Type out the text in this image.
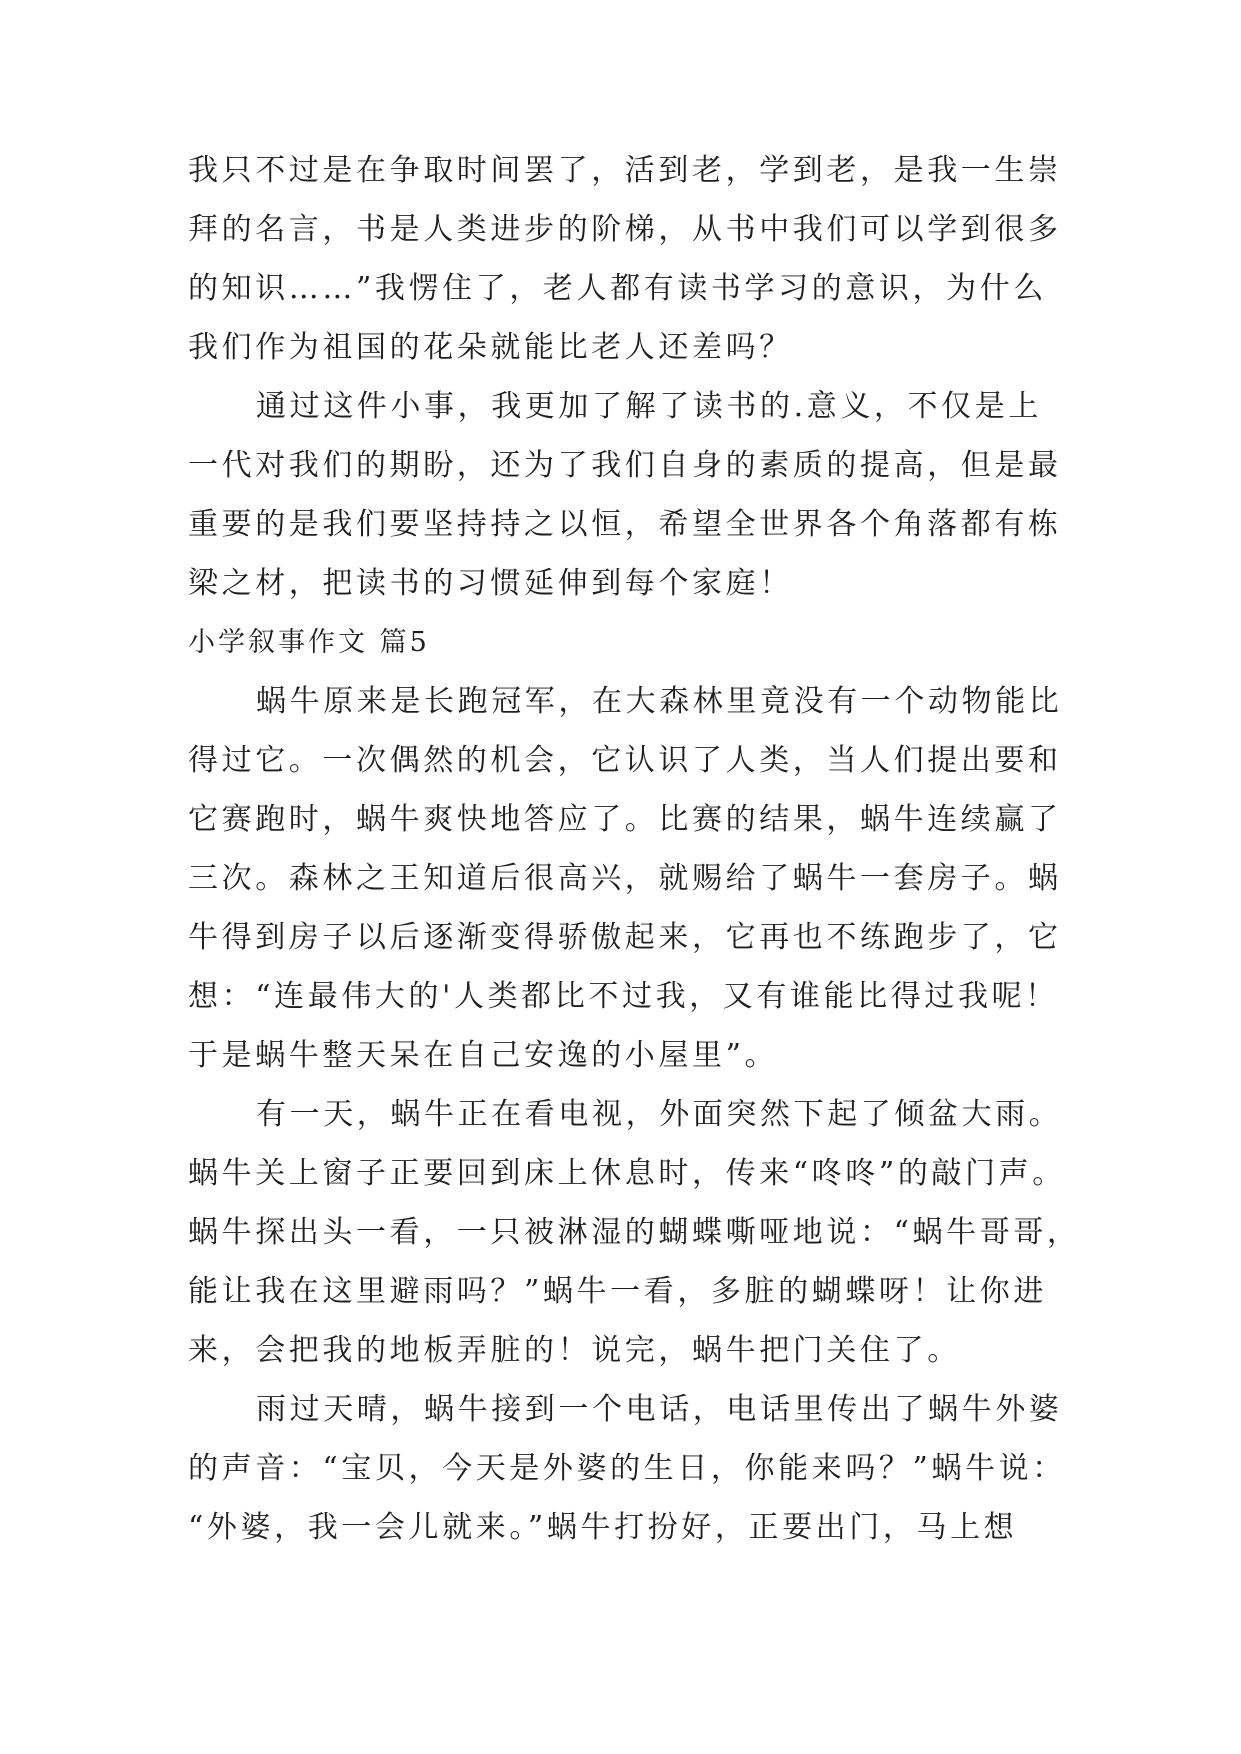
我只不过是在争取时间罢了，活到老，学到老，是我一生崇
拜的名言，书是人类进步的阶梯，从书中我们可以学到很多
的知识……”我愣住了，老人都有读书学习的意识，为什么
我们作为祖国的花朵就能比老人还差吗？
通过这件小事，我更加了解了读书的.意义，不仅是上
一代对我们的期盼，还为了我们自身的素质的提高，但是最
重要的是我们要坚持持之以恒，希望全世界各个角落都有栋
梁之材，把读书的习惯延伸到每个家庭！
小学叙事作文 篇5
蜗牛原来是长跑冠军，在大森林里竟没有一个动物能比
得过它。一次偶然的机会，它认识了人类，当人们提出要和
它赛跑时，蜗牛爽快地答应了。比赛的结果，蜗牛连续赢了
三次。森林之王知道后很高兴，就赐给了蜗牛一套房子。蜗
牛得到房子以后逐渐变得骄傲起来，它再也不练跑步了，它
想：“连最伟大的'人类都比不过我，又有谁能比得过我呢！
于是蜗牛整天呆在自己安逸的小屋里”。
有一天，蜗牛正在看电视，外面突然下起了倾盆大雨。
蜗牛关上窗子正要回到床上休息时，传来“咚咚”的敲门声。
蜗牛探出头一看，一只被淋湿的蝴蝶嘶哑地说：“蜗牛哥哥，
能让我在这里避雨吗？”蜗牛一看，多脏的蝴蝶呀！让你进
来，会把我的地板弄脏的！说完，蜗牛把门关住了。
雨过天晴，蜗牛接到一个电话，电话里传出了蜗牛外婆
的声音：“宝贝，今天是外婆的生日，你能来吗？”蜗牛说：
“外婆，我一会儿就来。”蜗牛打扮好，正要出门，马上想
